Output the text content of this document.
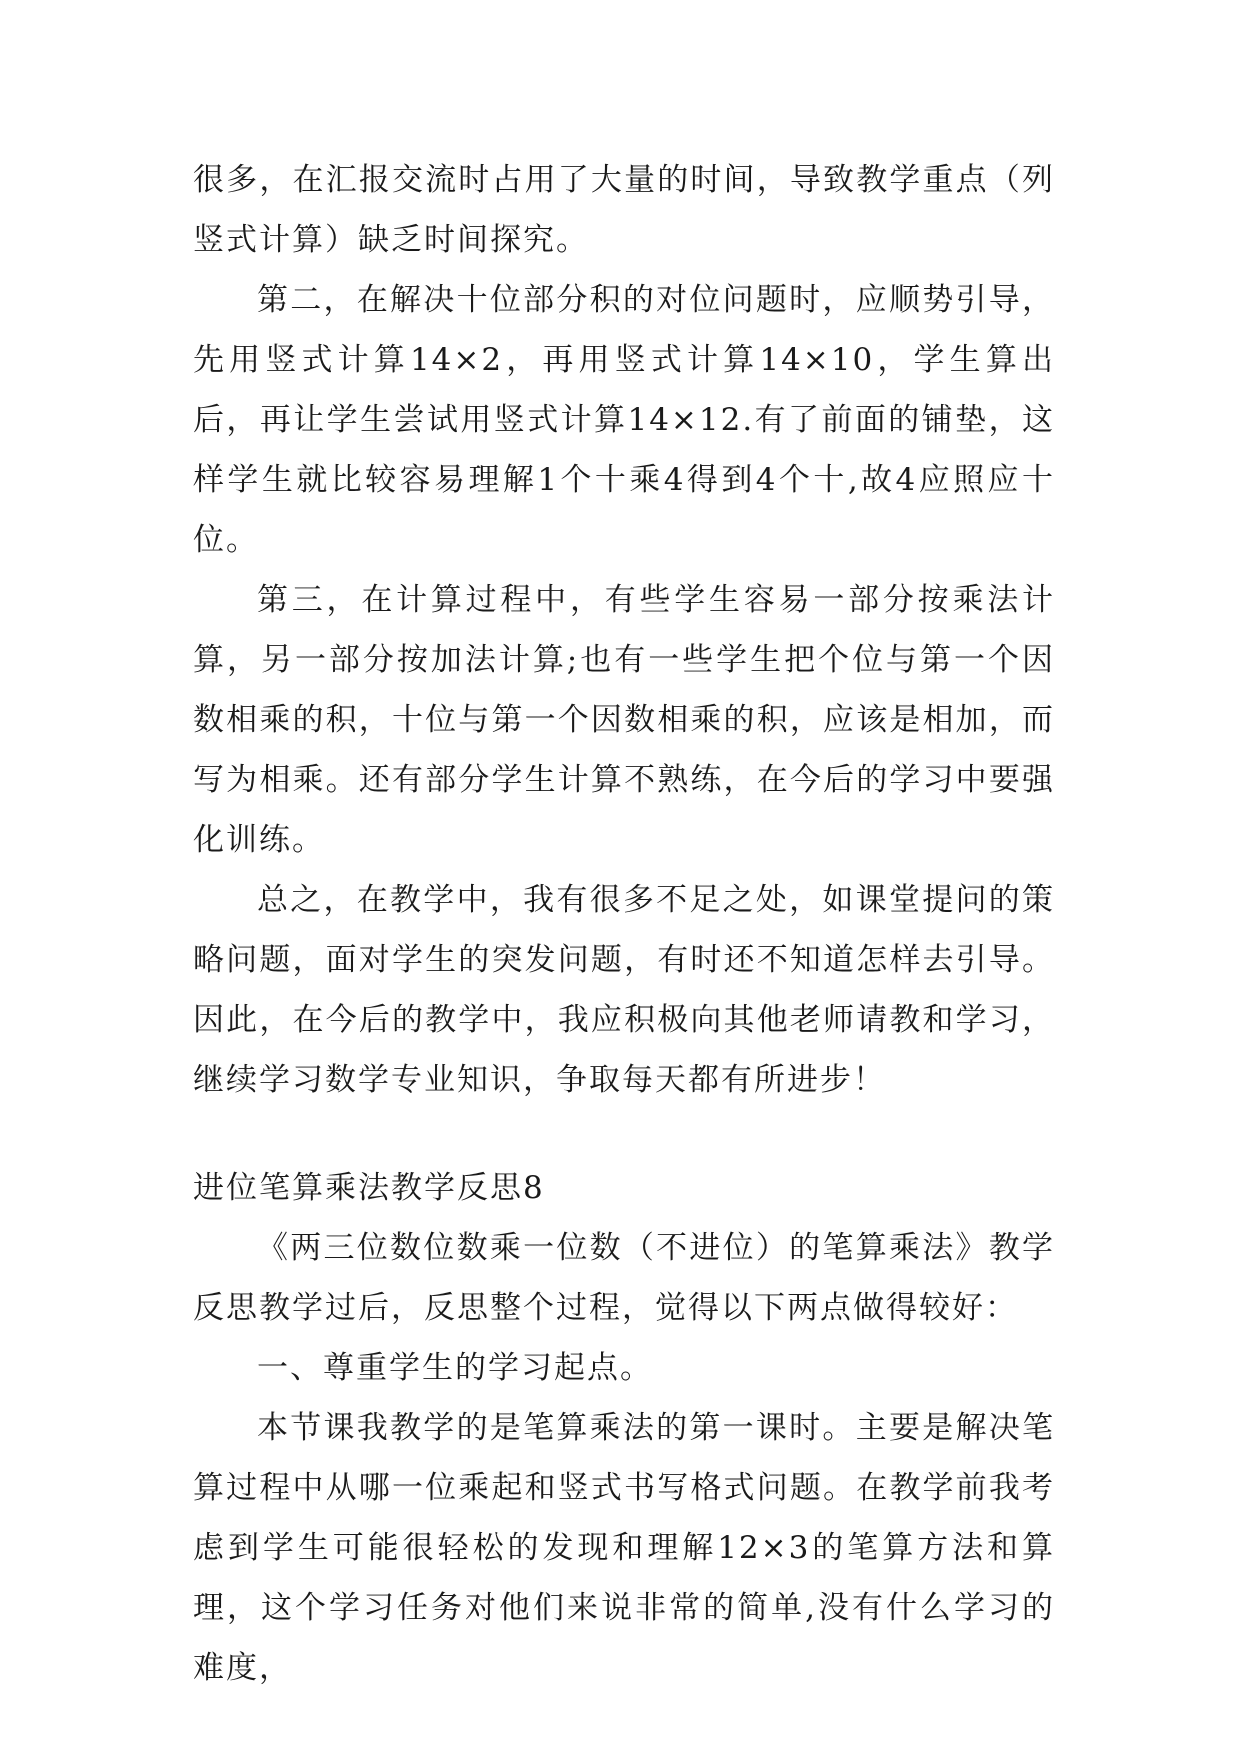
很多，在汇报交流时占用了大量的时间，导致教学重点（列竖式计算）缺乏时间探究。

第二，在解决十位部分积的对位问题时，应顺势引导，先用竖式计算14×2，再用竖式计算14×10，学生算出后，再让学生尝试用竖式计算14×12.有了前面的铺垫，这样学生就比较容易理解1个十乘4得到4个十,故4应照应十位。

第三，在计算过程中，有些学生容易一部分按乘法计算，另一部分按加法计算;也有一些学生把个位与第一个因数相乘的积，十位与第一个因数相乘的积，应该是相加，而写为相乘。还有部分学生计算不熟练，在今后的学习中要强化训练。

总之，在教学中，我有很多不足之处，如课堂提问的策略问题，面对学生的突发问题，有时还不知道怎样去引导。因此，在今后的教学中，我应积极向其他老师请教和学习，继续学习数学专业知识，争取每天都有所进步！

进位笔算乘法教学反思8

《两三位数位数乘一位数（不进位）的笔算乘法》教学反思教学过后，反思整个过程，觉得以下两点做得较好：

一、尊重学生的学习起点。

本节课我教学的是笔算乘法的第一课时。主要是解决笔算过程中从哪一位乘起和竖式书写格式问题。在教学前我考虑到学生可能很轻松的发现和理解12×3的笔算方法和算理，这个学习任务对他们来说非常的简单,没有什么学习的难度，
